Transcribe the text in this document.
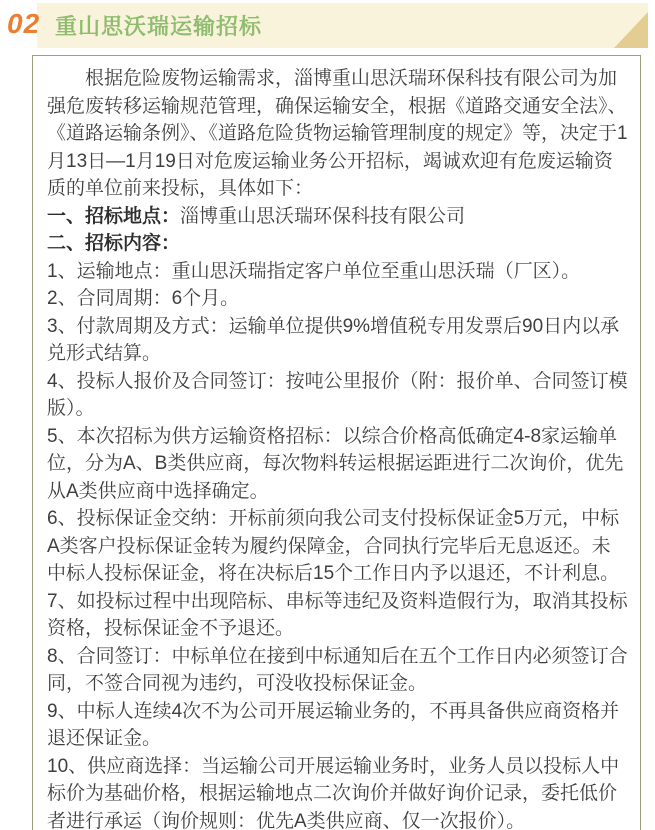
02 重山思沃瑞运输招标

根据危险废物运输需求，淄博重山思沃瑞环保科技有限公司为加强危废转移运输规范管理，确保运输安全，根据《道路交通安全法》、《道路运输条例》、《道路危险货物运输管理制度的规定》等，决定于1月13日—1月19日对危废运输业务公开招标，竭诚欢迎有危废运输资质的单位前来投标，具体如下：

一、招标地点：淄博重山思沃瑞环保科技有限公司

二、招标内容：

1、运输地点：重山思沃瑞指定客户单位至重山思沃瑞（厂区）。

2、合同周期：6个月。

3、付款周期及方式：运输单位提供9%增值税专用发票后90日内以承兑形式结算。

4、投标人报价及合同签订：按吨公里报价（附：报价单、合同签订模版）。

5、本次招标为供方运输资格招标：以综合价格高低确定4-8家运输单位，分为A、B类供应商，每次物料转运根据运距进行二次询价，优先从A类供应商中选择确定。

6、投标保证金交纳：开标前须向我公司支付投标保证金5万元，中标A类客户投标保证金转为履约保障金，合同执行完毕后无息返还。未中标人投标保证金，将在决标后15个工作日内予以退还，不计利息。

7、如投标过程中出现陪标、串标等违纪及资料造假行为，取消其投标资格，投标保证金不予退还。

8、合同签订：中标单位在接到中标通知后在五个工作日内必须签订合同，不签合同视为违约，可没收投标保证金。

9、中标人连续4次不为公司开展运输业务的，不再具备供应商资格并退还保证金。

10、供应商选择：当运输公司开展运输业务时，业务人员以投标人中标价为基础价格，根据运输地点二次询价并做好询价记录，委托低价者进行承运（询价规则：优先A类供应商、仅一次报价）。
